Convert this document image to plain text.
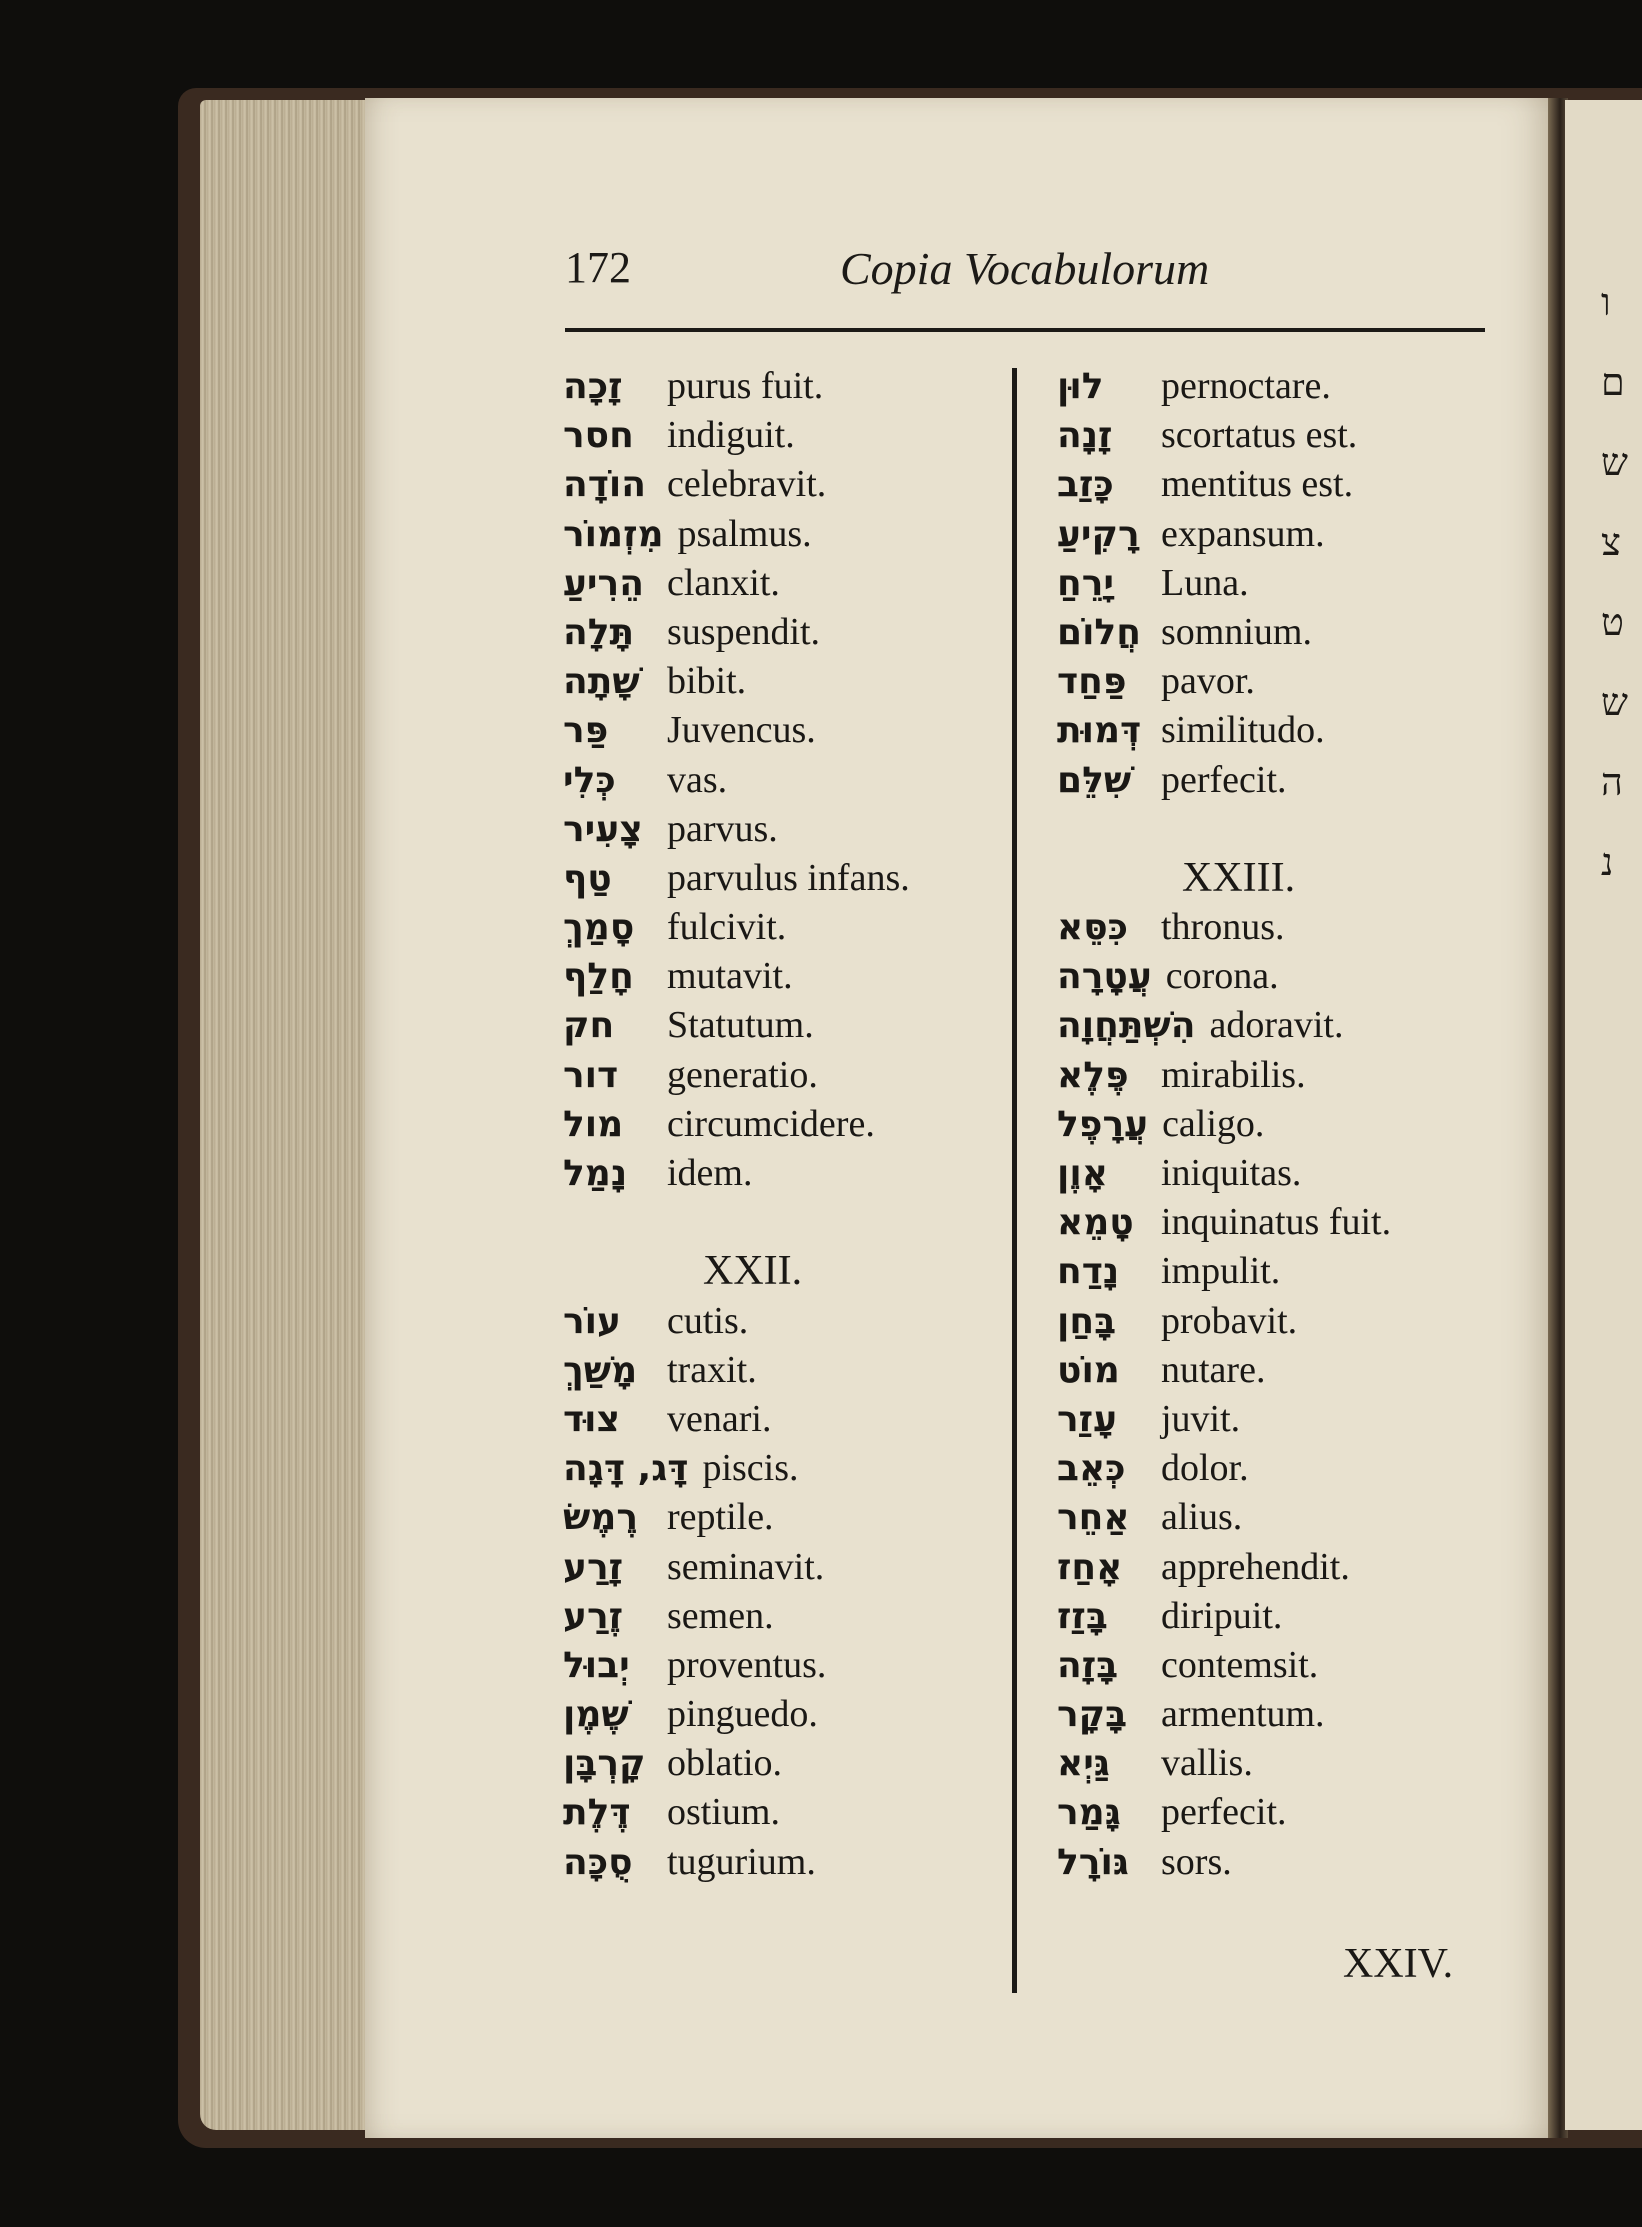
ו
ם
ש
צ
ט
ש
ה
נ
172	Copia Vocabulorum
זָכָה purus fuit.
חסר indiguit.
הוֹדָה celebravit.
מִזְמוֹר psalmus.
הֵרִיעַ clanxit.
תָּלָה suspendit.
שָׁתָה bibit.
פַּר Juvencus.
כְּלִי vas.
צָעִיר parvus.
טַף parvulus infans.
סָמַךְ fulcivit.
חָלַף mutavit.
חק Statutum.
דור generatio.
מול circumcidere.
נָמַל idem.
XXII.
עוֹר cutis.
מָשַׁךְ traxit.
צוּד venari.
דָּג, דָּגָה piscis.
רֶמֶשׂ reptile.
זָרַע seminavit.
זֶרַע semen.
יְבוּל proventus.
שֶׁמֶן pinguedo.
קָרְבָּן oblatio.
דֶּלֶת ostium.
סֻכָּה tugurium.
לוּן pernoctare.
זָנָה scortatus est.
כָּזַב mentitus est.
רָקִיעַ expansum.
יָרֵחַ Luna.
חֲלוֹם somnium.
פַּחַד pavor.
דְּמוּת similitudo.
שִׁלֵּם perfecit.
XXIII.
כִּסֵּא thronus.
עֲטָרָה corona.
הִשְׁתַּחֲוָה adoravit.
פֶּלֶא mirabilis.
עֲרָפֶל caligo.
אָוֶן iniquitas.
טָמֵא inquinatus fuit.
נָדַח impulit.
בָּחַן probavit.
מוֹט nutare.
עָזַר juvit.
כְּאֵב dolor.
אַחֵר alius.
אָחַז apprehendit.
בָּזַז diripuit.
בָּזָה contemsit.
בָּקָר armentum.
גַּיְא vallis.
גָּמַר perfecit.
גּוֹרָל sors.
XXIV.
